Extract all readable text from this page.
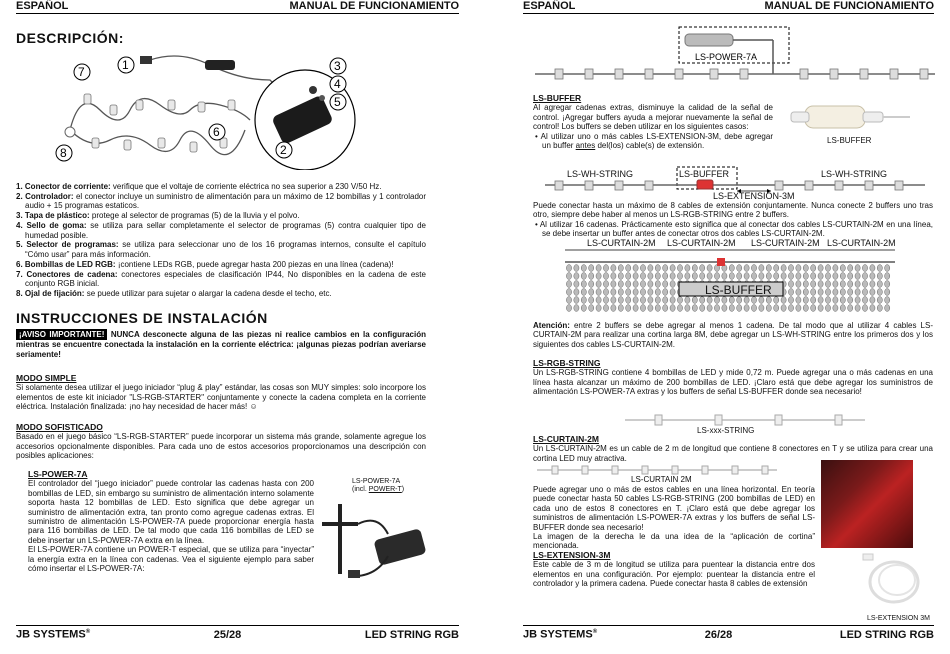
ESPAÑOL	MANUAL DE FUNCIONAMIENTO
DESCRIPCIÓN:
1
2
3
4
5
6
7
8
1. Conector de corriente: verifique que el voltaje de corriente eléctrica no sea superior a 230 V/50 Hz.
2. Controlador: el conector incluye un suministro de alimentación para un máximo de 12 bombillas y 1 controlador audio + 15 programas estaticos.
3. Tapa de plástico: protege al selector de programas (5) de la lluvia y el polvo.
4. Sello de goma: se utiliza para sellar completamente el selector de programas (5) contra cualquier tipo de humedad posible.
5. Selector de programas: se utiliza para seleccionar uno de los 16 programas internos, consulte el capítulo “Cómo usar” para más información.
6. Bombillas de LED RGB: ¡contiene LEDs RGB, puede agregar hasta 200 piezas en una línea (cadena)!
7. Conectores de cadena: conectores especiales de clasificación IP44, No disponibles en la cadena de este conjunto RGB inicial.
8. Ojal de fijación: se puede utilizar para sujetar o alargar la cadena desde el techo, etc.
INSTRUCCIONES DE INSTALACIÓN
¡AVISO IMPORTANTE! NUNCA desconecte alguna de las piezas ni realice cambios en la configuración mientras se encuentre conectada la instalación en la corriente eléctrica: ¡algunas piezas podrían averiarse seriamente!
MODO SIMPLE
Si solamente desea utilizar el juego iniciador “plug & play” estándar, las cosas son MUY simples: solo incorpore los elementos de este kit iniciador "LS-RGB-STARTER" conjuntamente y conecte la cadena completa en la corriente eléctrica. Instalación finalizada: ¡no hay necesidad de hacer más! ☺
MODO SOFISTICADO
Basado en el juego básico “LS-RGB-STARTER” puede incorporar un sistema más grande, solamente agregue los accesorios opcionalmente disponibles. Para cada uno de estos accesorios proporcionamos una descripción con posibles aplicaciones:
LS-POWER-7A
El controlador del “juego iniciador” puede controlar las cadenas hasta con 200 bombillas de LED, sin embargo su suministro de alimentación interno solamente soporta hasta 12 bombillas de LED. Esto significa que debe agregar un suministro de alimentación extra, tan pronto como agregue cadenas extras. El suministro de alimentación LS-POWER-7A puede proporcionar energía hasta para 116 bombillas de LED. De tal modo que cada 116 bombillas de LED se debe insertar un LS-POWER-7A extra en la línea.
El LS-POWER-7A contiene un POWER-T especial, que se utiliza para “inyectar” la energía extra en la línea con cadenas. Vea el siguiente ejemplo para saber cómo insertar el LS-POWER-7A:
LS-POWER-7A
(incl. POWER-T)
JB SYSTEMS®	25/28	LED STRING RGB
ESPAÑOL	MANUAL DE FUNCIONAMIENTO
LS-POWER-7A
LS-BUFFER
Al agregar cadenas extras, disminuye la calidad de la señal de control. ¡Agregar buffers ayuda a mejorar nuevamente la señal de control! Los buffers se deben utilizar en los siguientes casos:
• Al utilizar uno o más cables LS-EXTENSION-3M, debe agregar un buffer antes del(los) cable(s) de extensión.
LS-BUFFER
LS-WH-STRING	LS-BUFFER	LS-WH-STRING
LS-EXTENSION-3M
Puede conectar hasta un máximo de 8 cables de extensión conjuntamente. Nunca conecte 2 buffers uno tras otro, siempre debe haber al menos un LS-RGB-STRING entre 2 buffers.
• Al utilizar 16 cadenas. Prácticamente esto significa que al conectar dos cables LS-CURTAIN-2M en una línea, se debe insertar un buffer antes de conectar otros dos cables LS-CURTAIN-2M.
LS-CURTAIN-2M LS-CURTAIN-2M LS-CURTAIN-2M LS-CURTAIN-2M
LS-BUFFER
Atención: entre 2 buffers se debe agregar al menos 1 cadena. De tal modo que al utilizar 4 cables LS-CURTAIN-2M para realizar una cortina larga 8M, debe agregar un LS-WH-STRING entre los primeros dos y los siguientes dos cables LS-CURTAIN-2M.
LS-RGB-STRING
Un LS-RGB-STRING contiene 4 bombillas de LED y mide 0,72 m. Puede agregar una o más cadenas en una línea hasta alcanzar un máximo de 200 bombillas de LED. ¡Claro está que debe agregar los suministros de alimentación LS-POWER-7A extras y los buffers de señal LS-BUFFER donde sea necesario!
LS-xxx-STRING
LS-CURTAIN-2M
Un LS-CURTAIN-2M es un cable de 2 m de longitud que contiene 8 conectores en T y se utiliza para crear una cortina LED muy atractiva.
LS-CURTAIN 2M
Puede agregar uno o más de estos cables en una línea horizontal. En teoría puede conectar hasta 50 cables LS-RGB-STRING (200 bombillas de LED) en cada uno de estos 8 conectores en T. ¡Claro está que debe agregar los suministros de alimentación LS-POWER-7A extras y los buffers de señal LS-BUFFER donde sea necesario!
La imagen de la derecha le da una idea de la “aplicación de cortina” mencionada.
LS-EXTENSION-3M
Este cable de 3 m de longitud se utiliza para puentear la distancia entre dos elementos en una configuración. Por ejemplo: puentear la distancia entre el controlador y la primera cadena. Puede conectar hasta 8 cables de extensión
LS-EXTENSION 3M
JB SYSTEMS®	26/28	LED STRING RGB
